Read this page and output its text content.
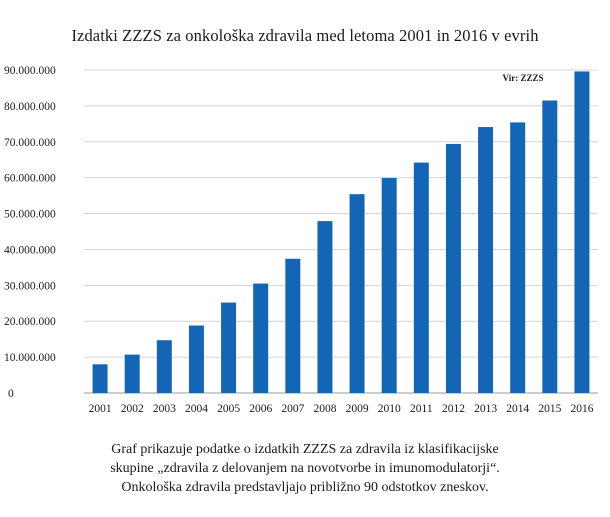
Izdatki ZZZS za onkološka zdravila med letoma 2001 in 2016 v evrih
0
10.000.000
20.000.000
30.000.000
40.000.000
50.000.000
60.000.000
70.000.000
80.000.000
90.000.000
2001 2002 2003 2004 2005 2006 2007 2008 2009 2010 2011 2012 2013 2014 2015 2016
Vir: ZZZS
Graf prikazuje podatke o izdatkih ZZZS za zdravila iz klasifikacijske
skupine „zdravila z delovanjem na novotvorbe in imunomodulatorji“.
Onkološka zdravila predstavljajo približno 90 odstotkov zneskov.
